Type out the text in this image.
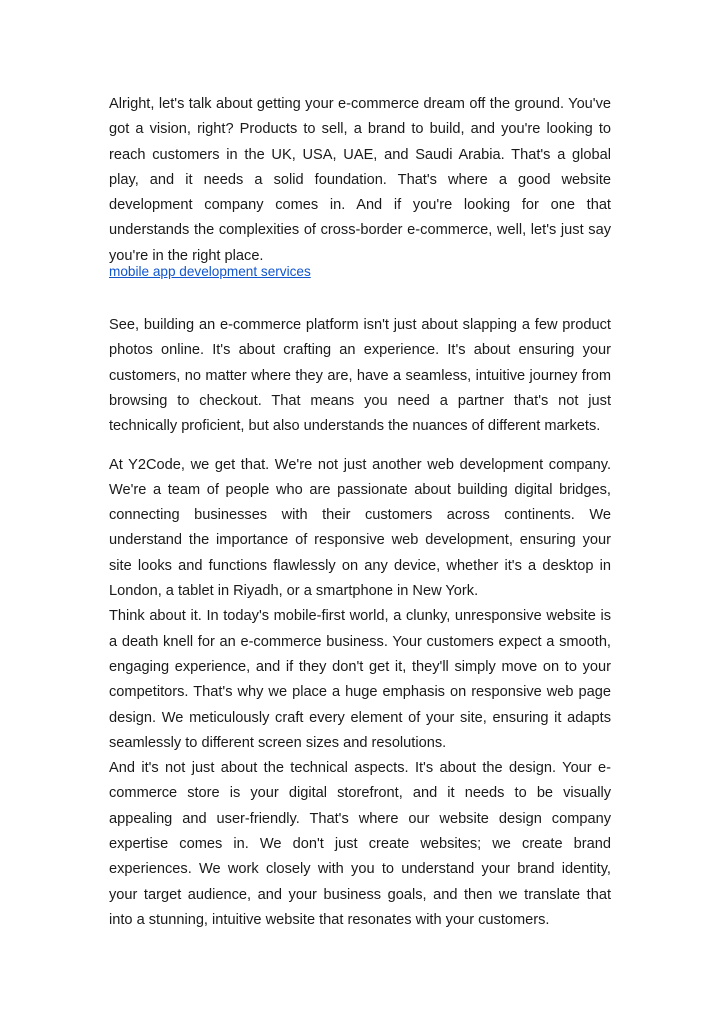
Alright, let's talk about getting your e-commerce dream off the ground. You've got a vision, right? Products to sell, a brand to build, and you're looking to reach customers in the UK, USA, UAE, and Saudi Arabia. That's a global play, and it needs a solid foundation. That's where a good website development company comes in. And if you're looking for one that understands the complexities of cross-border e-commerce, well, let's just say you're in the right place.

mobile app development services

See, building an e-commerce platform isn't just about slapping a few product photos online. It's about crafting an experience. It's about ensuring your customers, no matter where they are, have a seamless, intuitive journey from browsing to checkout. That means you need a partner that's not just technically proficient, but also understands the nuances of different markets.

At Y2Code, we get that. We're not just another web development company. We're a team of people who are passionate about building digital bridges, connecting businesses with their customers across continents. We understand the importance of responsive web development, ensuring your site looks and functions flawlessly on any device, whether it's a desktop in London, a tablet in Riyadh, or a smartphone in New York.

Think about it. In today's mobile-first world, a clunky, unresponsive website is a death knell for an e-commerce business. Your customers expect a smooth, engaging experience, and if they don't get it, they'll simply move on to your competitors. That's why we place a huge emphasis on responsive web page design. We meticulously craft every element of your site, ensuring it adapts seamlessly to different screen sizes and resolutions.

And it's not just about the technical aspects. It's about the design. Your e-commerce store is your digital storefront, and it needs to be visually appealing and user-friendly. That's where our website design company expertise comes in. We don't just create websites; we create brand experiences. We work closely with you to understand your brand identity, your target audience, and your business goals, and then we translate that into a stunning, intuitive website that resonates with your customers.
